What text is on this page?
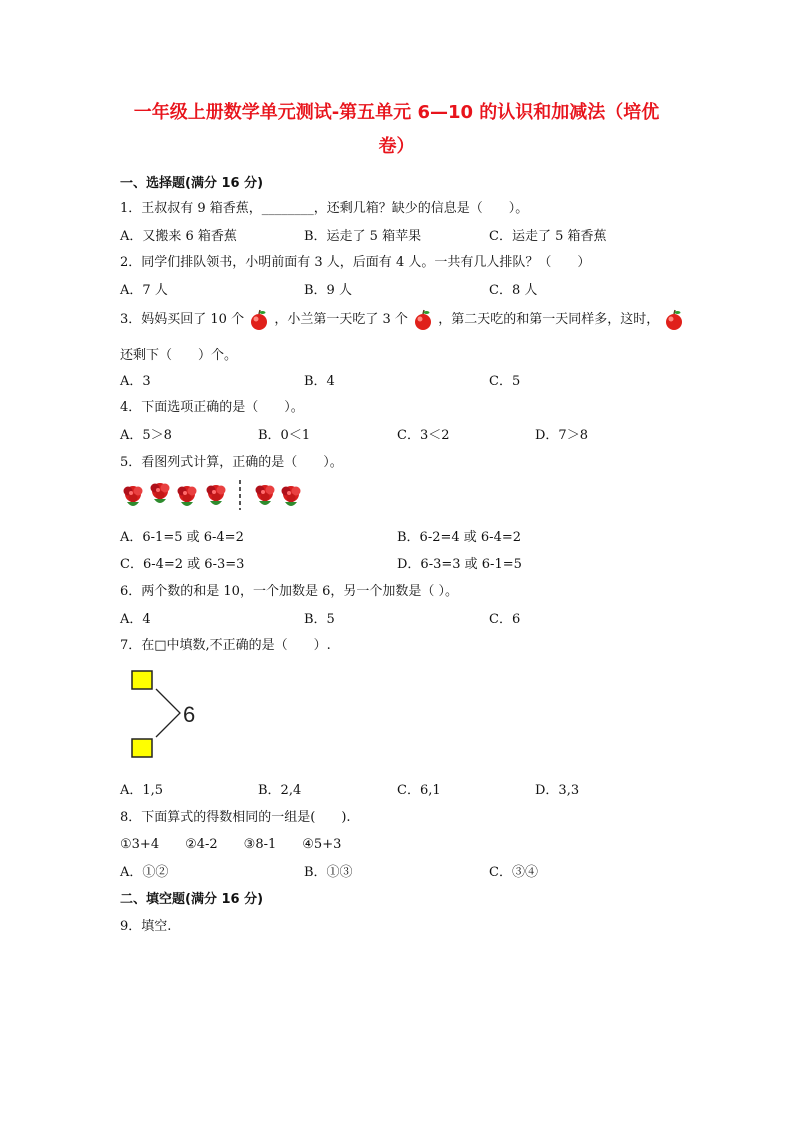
一年级上册数学单元测试-第五单元 6—10 的认识和加减法（培优
卷）
一、选择题(满分 16 分)
1．王叔叔有 9 箱香蕉，________，还剩几箱？缺少的信息是（　　）。
A．又搬来 6 箱香蕉	B．运走了 5 箱苹果	C．运走了 5 箱香蕉
2．同学们排队领书，小明前面有 3 人，后面有 4 人。一共有几人排队？（　　）
A．7 人	B．9 人	C．8 人
3．妈妈买回了 10 个 ，小兰第一天吃了 3 个 ，第二天吃的和第一天同样多，这时，
还剩下（　　）个。
A．3	B．4	C．5
4．下面选项正确的是（　　）。
A．5＞8	B．0＜1	C．3＜2	D．7＞8
5．看图列式计算，正确的是（　　）。
A．6-1=5 或 6-4=2	B．6-2=4 或 6-4=2
C．6-4=2 或 6-3=3	D．6-3=3 或 6-1=5
6．两个数的和是 10，一个加数是 6，另一个加数是（ ）。
A．4	B．5	C．6
7．在□中填数,不正确的是（　　）.
6
A．1,5	B．2,4	C．6,1	D．3,3
8．下面算式的得数相同的一组是(　　).
①3+4　　②4-2　　③8-1　　④5+3
A．①②	B．①③	C．③④
二、填空题(满分 16 分)
9．填空.
